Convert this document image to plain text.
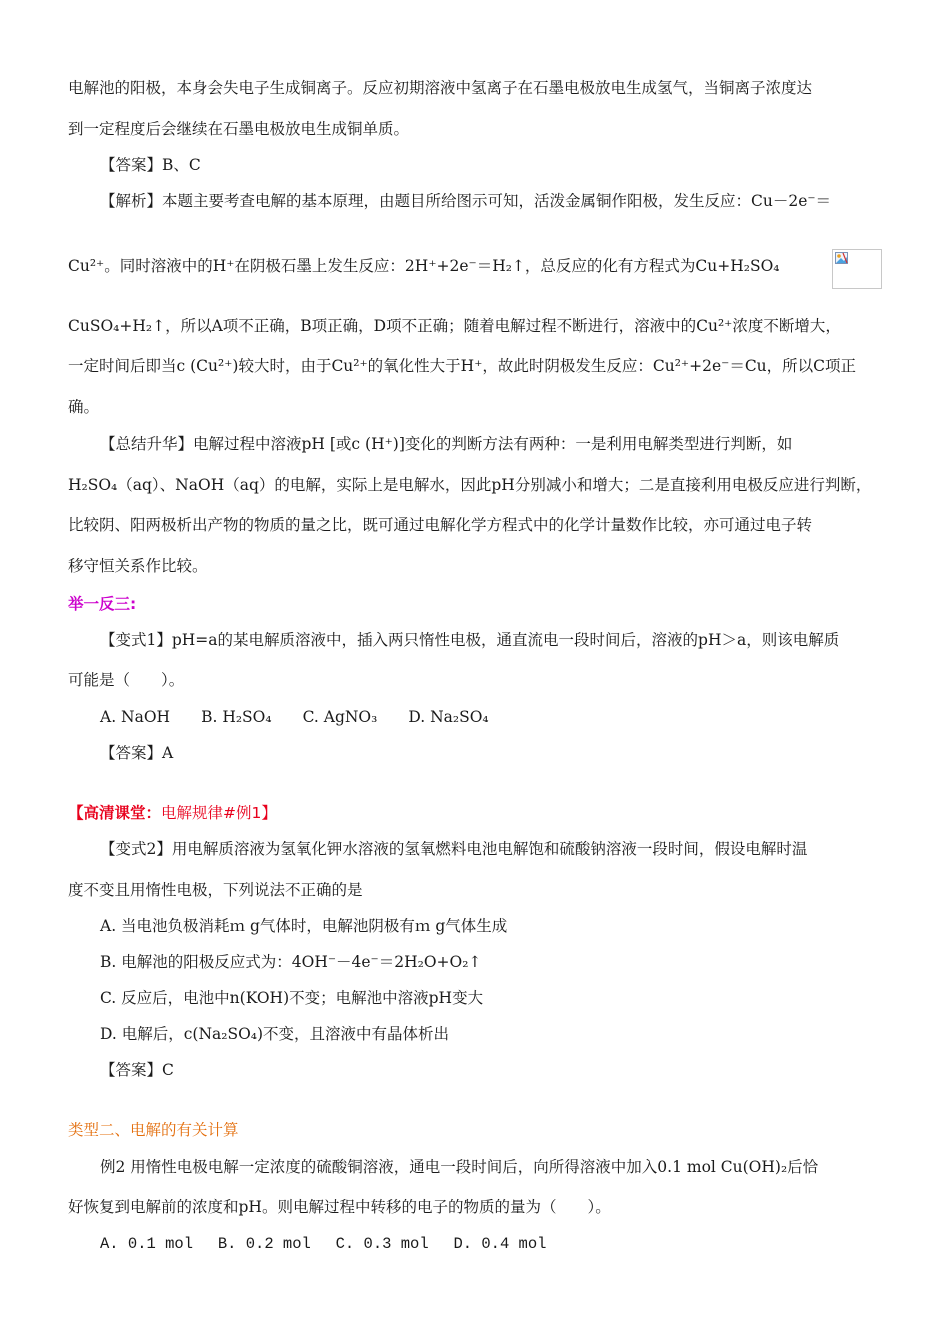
电解池的阳极，本身会失电子生成铜离子。反应初期溶液中氢离子在石墨电极放电生成氢气，当铜离子浓度达
到一定程度后会继续在石墨电极放电生成铜单质。
【答案】B、C
【解析】本题主要考查电解的基本原理，由题目所给图示可知，活泼金属铜作阳极，发生反应：Cu－2e⁻＝
Cu²⁺。同时溶液中的H⁺在阴极石墨上发生反应：2H⁺+2e⁻＝H₂↑，总反应的化有方程式为Cu+H₂SO₄
CuSO₄+H₂↑，所以A项不正确，B项正确，D项不正确；随着电解过程不断进行，溶液中的Cu²⁺浓度不断增大，
一定时间后即当c (Cu²⁺)较大时，由于Cu²⁺的氧化性大于H⁺，故此时阴极发生反应：Cu²⁺+2e⁻＝Cu，所以C项正
确。
【总结升华】电解过程中溶液pH [或c (H⁺)]变化的判断方法有两种：一是利用电解类型进行判断，如
H₂SO₄（aq）、NaOH（aq）的电解，实际上是电解水，因此pH分别减小和增大；二是直接利用电极反应进行判断，
比较阴、阳两极析出产物的物质的量之比，既可通过电解化学方程式中的化学计量数作比较，亦可通过电子转
移守恒关系作比较。
举一反三:
【变式1】pH=a的某电解质溶液中，插入两只惰性电极，通直流电一段时间后，溶液的pH＞a，则该电解质
可能是（　　）。
A. NaOH　　B. H₂SO₄　　C. AgNO₃　　D. Na₂SO₄
【答案】A
【高清课堂：电解规律#例1】
【变式2】用电解质溶液为氢氧化钾水溶液的氢氧燃料电池电解饱和硫酸钠溶液一段时间，假设电解时温
度不变且用惰性电极，下列说法不正确的是
A. 当电池负极消耗ｍ g气体时，电解池阴极有ｍ g气体生成
B. 电解池的阳极反应式为：4OH⁻－4e⁻＝2H₂O+O₂↑
C. 反应后，电池中n(KOH)不变；电解池中溶液pH变大
D. 电解后，c(Na₂SO₄)不变，且溶液中有晶体析出
【答案】C
类型二、电解的有关计算
例2 用惰性电极电解一定浓度的硫酸铜溶液，通电一段时间后，向所得溶液中加入0.1 mol Cu(OH)₂后恰
好恢复到电解前的浓度和pH。则电解过程中转移的电子的物质的量为（　　）。
A. 0.1 mol　 B. 0.2 mol　 C. 0.3 mol　 D. 0.4 mol
